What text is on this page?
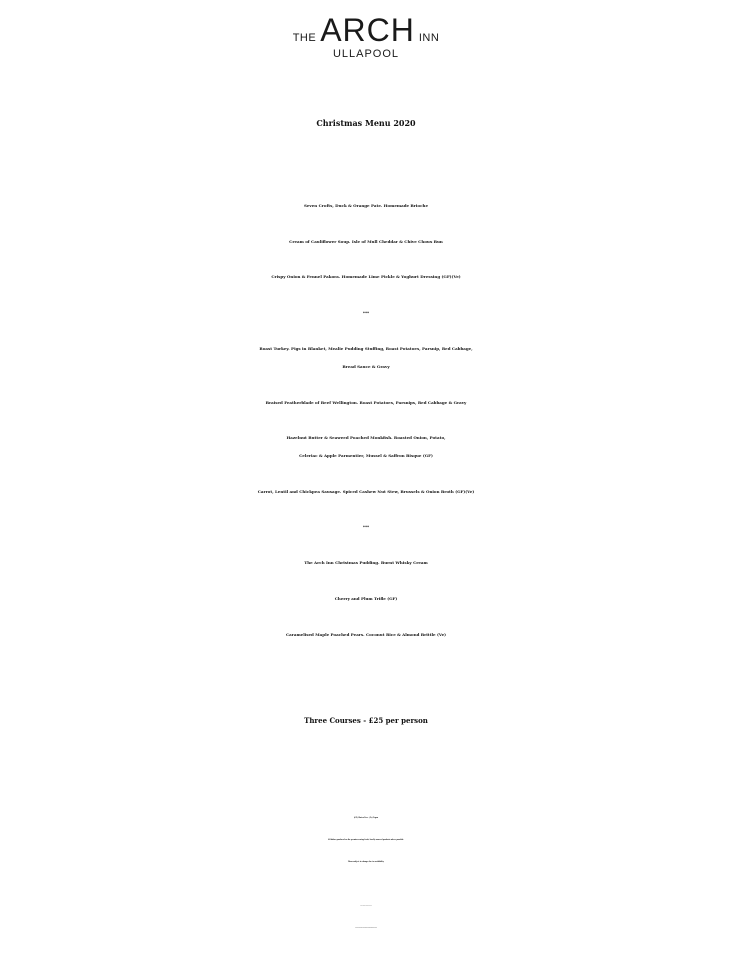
THE ARCH INN
ULLAPOOL
Christmas Menu 2020
Seven Crofts, Duck & Orange Pate. Homemade Brioche
Cream of Cauliflower Soup. Isle of Mull Cheddar & Chive Choux Bun
Crispy Onion & Fennel Pakora. Homemade Lime Pickle & Yoghurt Dressing (GF)(Ve)
***
Roast Turkey. Pigs in Blanket, Mealie Pudding Stuffing, Roast Potatoes, Parsnip, Red Cabbage,
Bread Sauce & Gravy
Braised Featherblade of Beef Wellington. Roast Potatoes, Parsnips, Red Cabbage & Gravy
Hazelnut Butter & Seaweed Poached Monkfish. Roasted Onion, Potato,
Celeriac & Apple Parmentier, Mussel & Saffron Bisque (GF)
Carrot, Lentil and Chickpea Sausage. Spiced Cashew Nut Stew, Brussels & Onion Broth (GF)(Ve)
***
The Arch Inn Christmas Pudding. Burnt Whisky Cream
Cherry and Plum Trifle (GF)
Caramelised Maple Poached Pears. Coconut Rice & Almond Brittle (Ve)
Three Courses - £25 per person
(GF) Gluten Free. (Ve) Vegan
All dishes produced on the premises using fresh, locally sourced products where possible.
Menu subject to change due to availability.
